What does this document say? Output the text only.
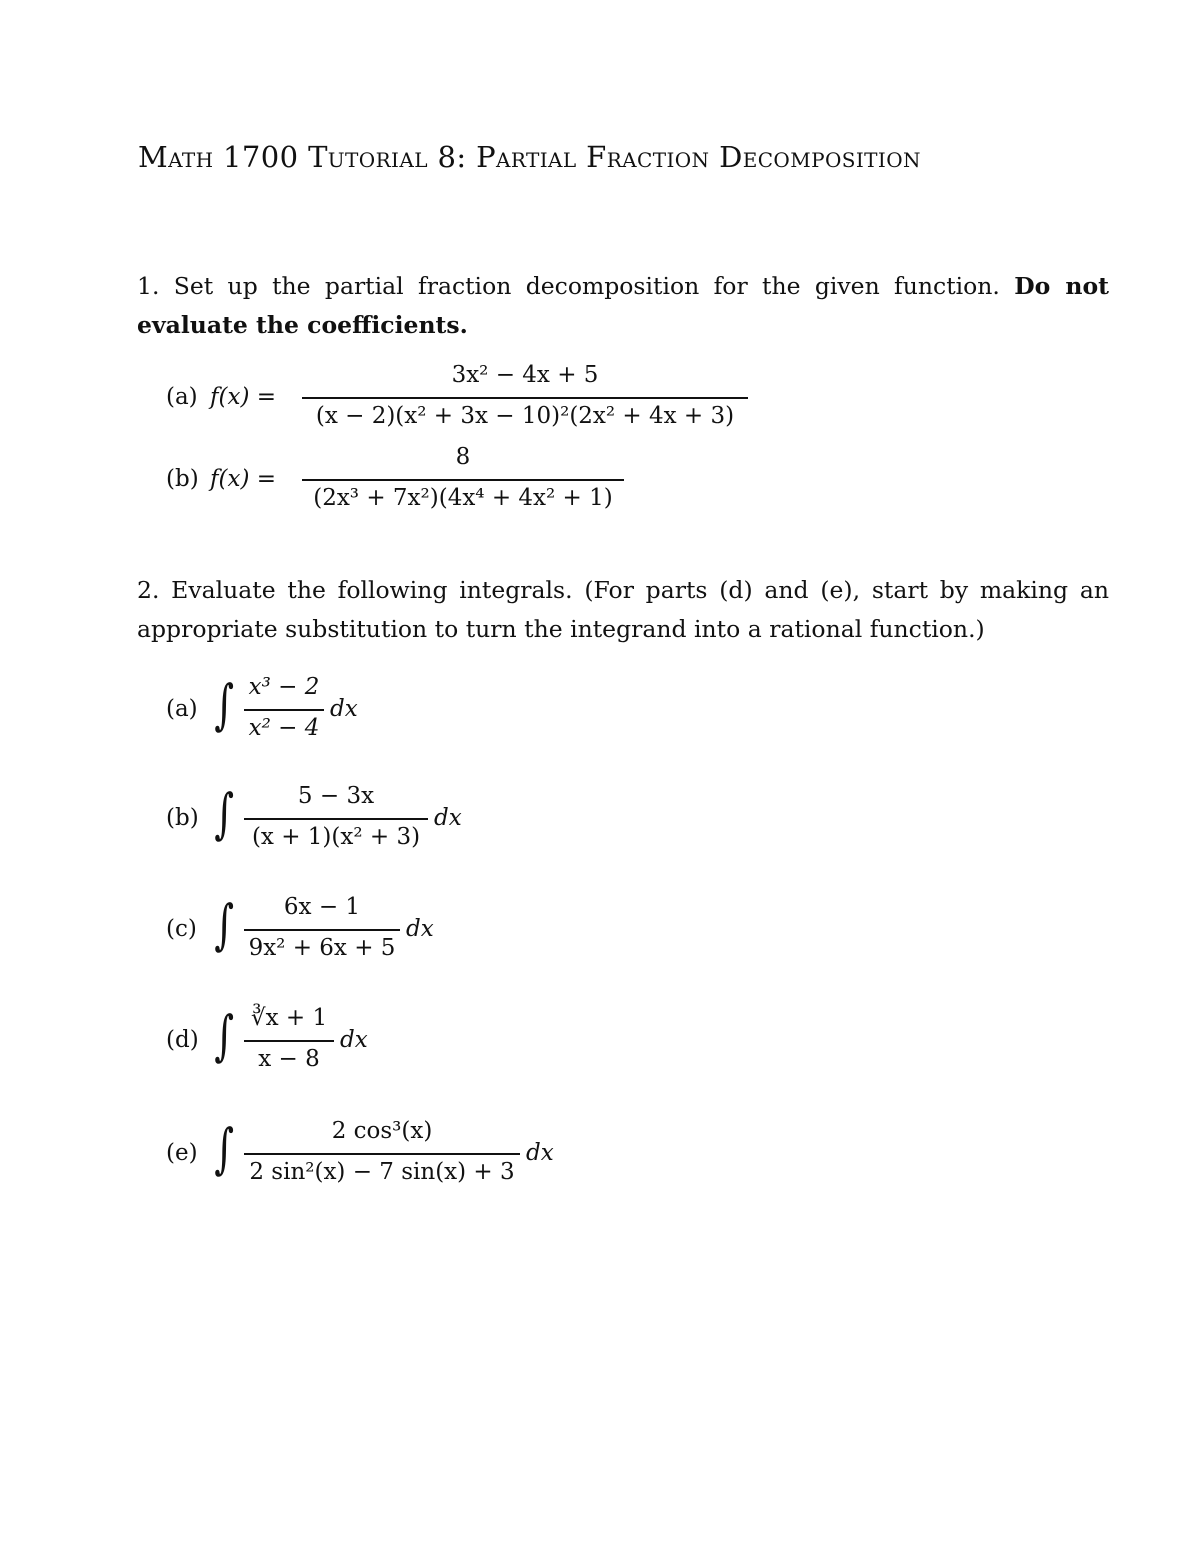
Math 1700 Tutorial 8: Partial Fraction Decomposition
1. Set up the partial fraction decomposition for the given function. Do not evaluate the coefficients.
(a) f(x) =
3x² − 4x + 5
(x − 2)(x² + 3x − 10)²(2x² + 4x + 3)
(b) f(x) =
8
(2x³ + 7x²)(4x⁴ + 4x² + 1)
2. Evaluate the following integrals. (For parts (d) and (e), start by making an appropriate substitution to turn the integrand into a rational function.)
(a) ∫ x³ − 2
x² − 4
dx
(b) ∫	5 − 3x
(x + 1)(x² + 3)
dx
(c) ∫	6x − 1
9x² + 6x + 5
dx
(d) ∫ ∛x + 1
x − 8
dx
(e) ∫	2 cos³(x)
2 sin²(x) − 7 sin(x) + 3
dx
